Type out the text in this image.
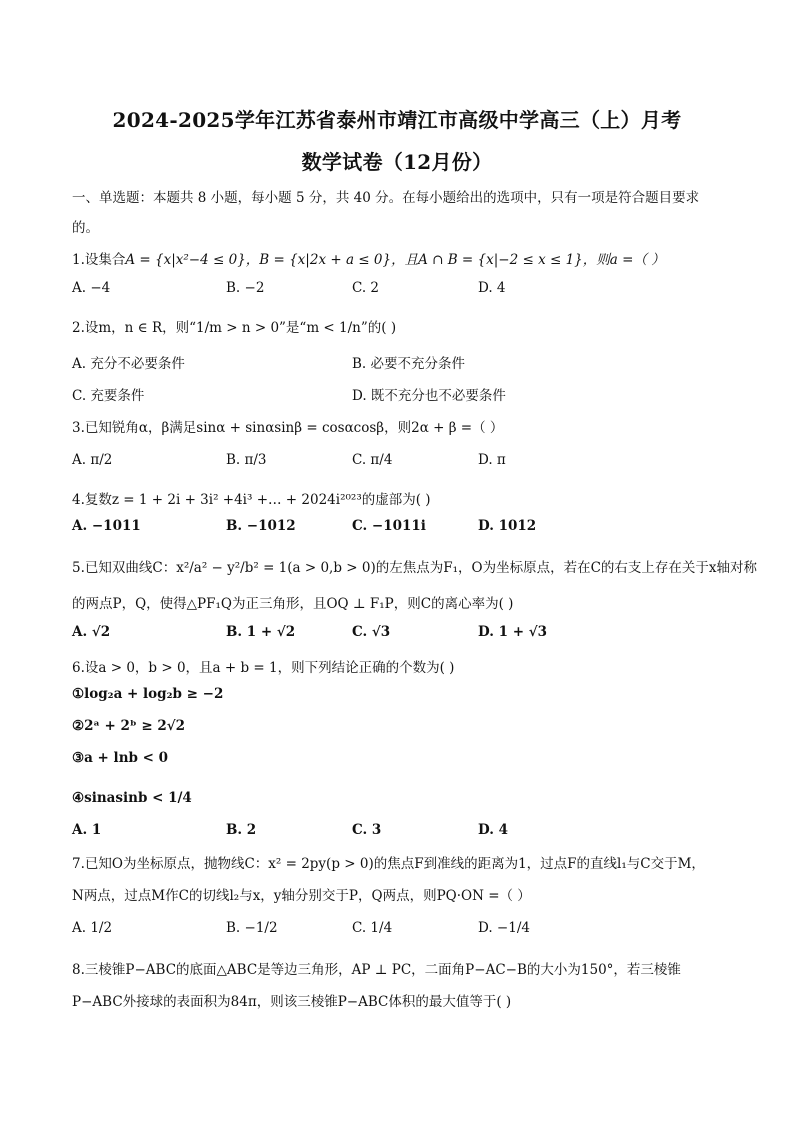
2024-2025学年江苏省泰州市靖江市高级中学高三（上）月考
数学试卷（12月份）
一、单选题：本题共 8 小题，每小题 5 分，共 40 分。在每小题给出的选项中，只有一项是符合题目要求
的。
1.设集合A = {x|x²−4 ≤ 0}，B = {x|2x + a ≤ 0}，且A ∩ B = {x|−2 ≤ x ≤ 1}，则a =（ ）
A. −4	B. −2	C. 2	D. 4
2.设m，n ∈ R，则“1/m > n > 0”是“m < 1/n”的( )
A. 充分不必要条件	B. 必要不充分条件
C. 充要条件	D. 既不充分也不必要条件
3.已知锐角α，β满足sinα + sinαsinβ = cosαcosβ，则2α + β =（ ）
A. π/2	B. π/3	C. π/4	D. π
4.复数z = 1 + 2i + 3i² +4i³ +… + 2024i²⁰²³的虚部为( )
A. −1011	B. −1012	C. −1011i	D. 1012
5.已知双曲线C：x²/a² − y²/b² = 1(a > 0,b > 0)的左焦点为F₁，O为坐标原点，若在C的右支上存在关于x轴对称
的两点P，Q，使得△PF₁Q为正三角形，且OQ ⊥ F₁P，则C的离心率为( )
A. √2	B. 1 + √2	C. √3	D. 1 + √3
6.设a > 0，b > 0，且a + b = 1，则下列结论正确的个数为( )
①log₂a + log₂b ≥ −2
②2ᵃ + 2ᵇ ≥ 2√2
③a + lnb < 0
④sinasinb < 1/4
A. 1	B. 2	C. 3	D. 4
7.已知O为坐标原点，抛物线C：x² = 2py(p > 0)的焦点F到准线的距离为1，过点F的直线l₁与C交于M，
N两点，过点M作C的切线l₂与x，y轴分别交于P，Q两点，则PQ·ON =（ ）
A. 1/2	B. −1/2	C. 1/4	D. −1/4
8.三棱锥P−ABC的底面△ABC是等边三角形，AP ⊥ PC，二面角P−AC−B的大小为150°，若三棱锥
P−ABC外接球的表面积为84π，则该三棱锥P−ABC体积的最大值等于( )
